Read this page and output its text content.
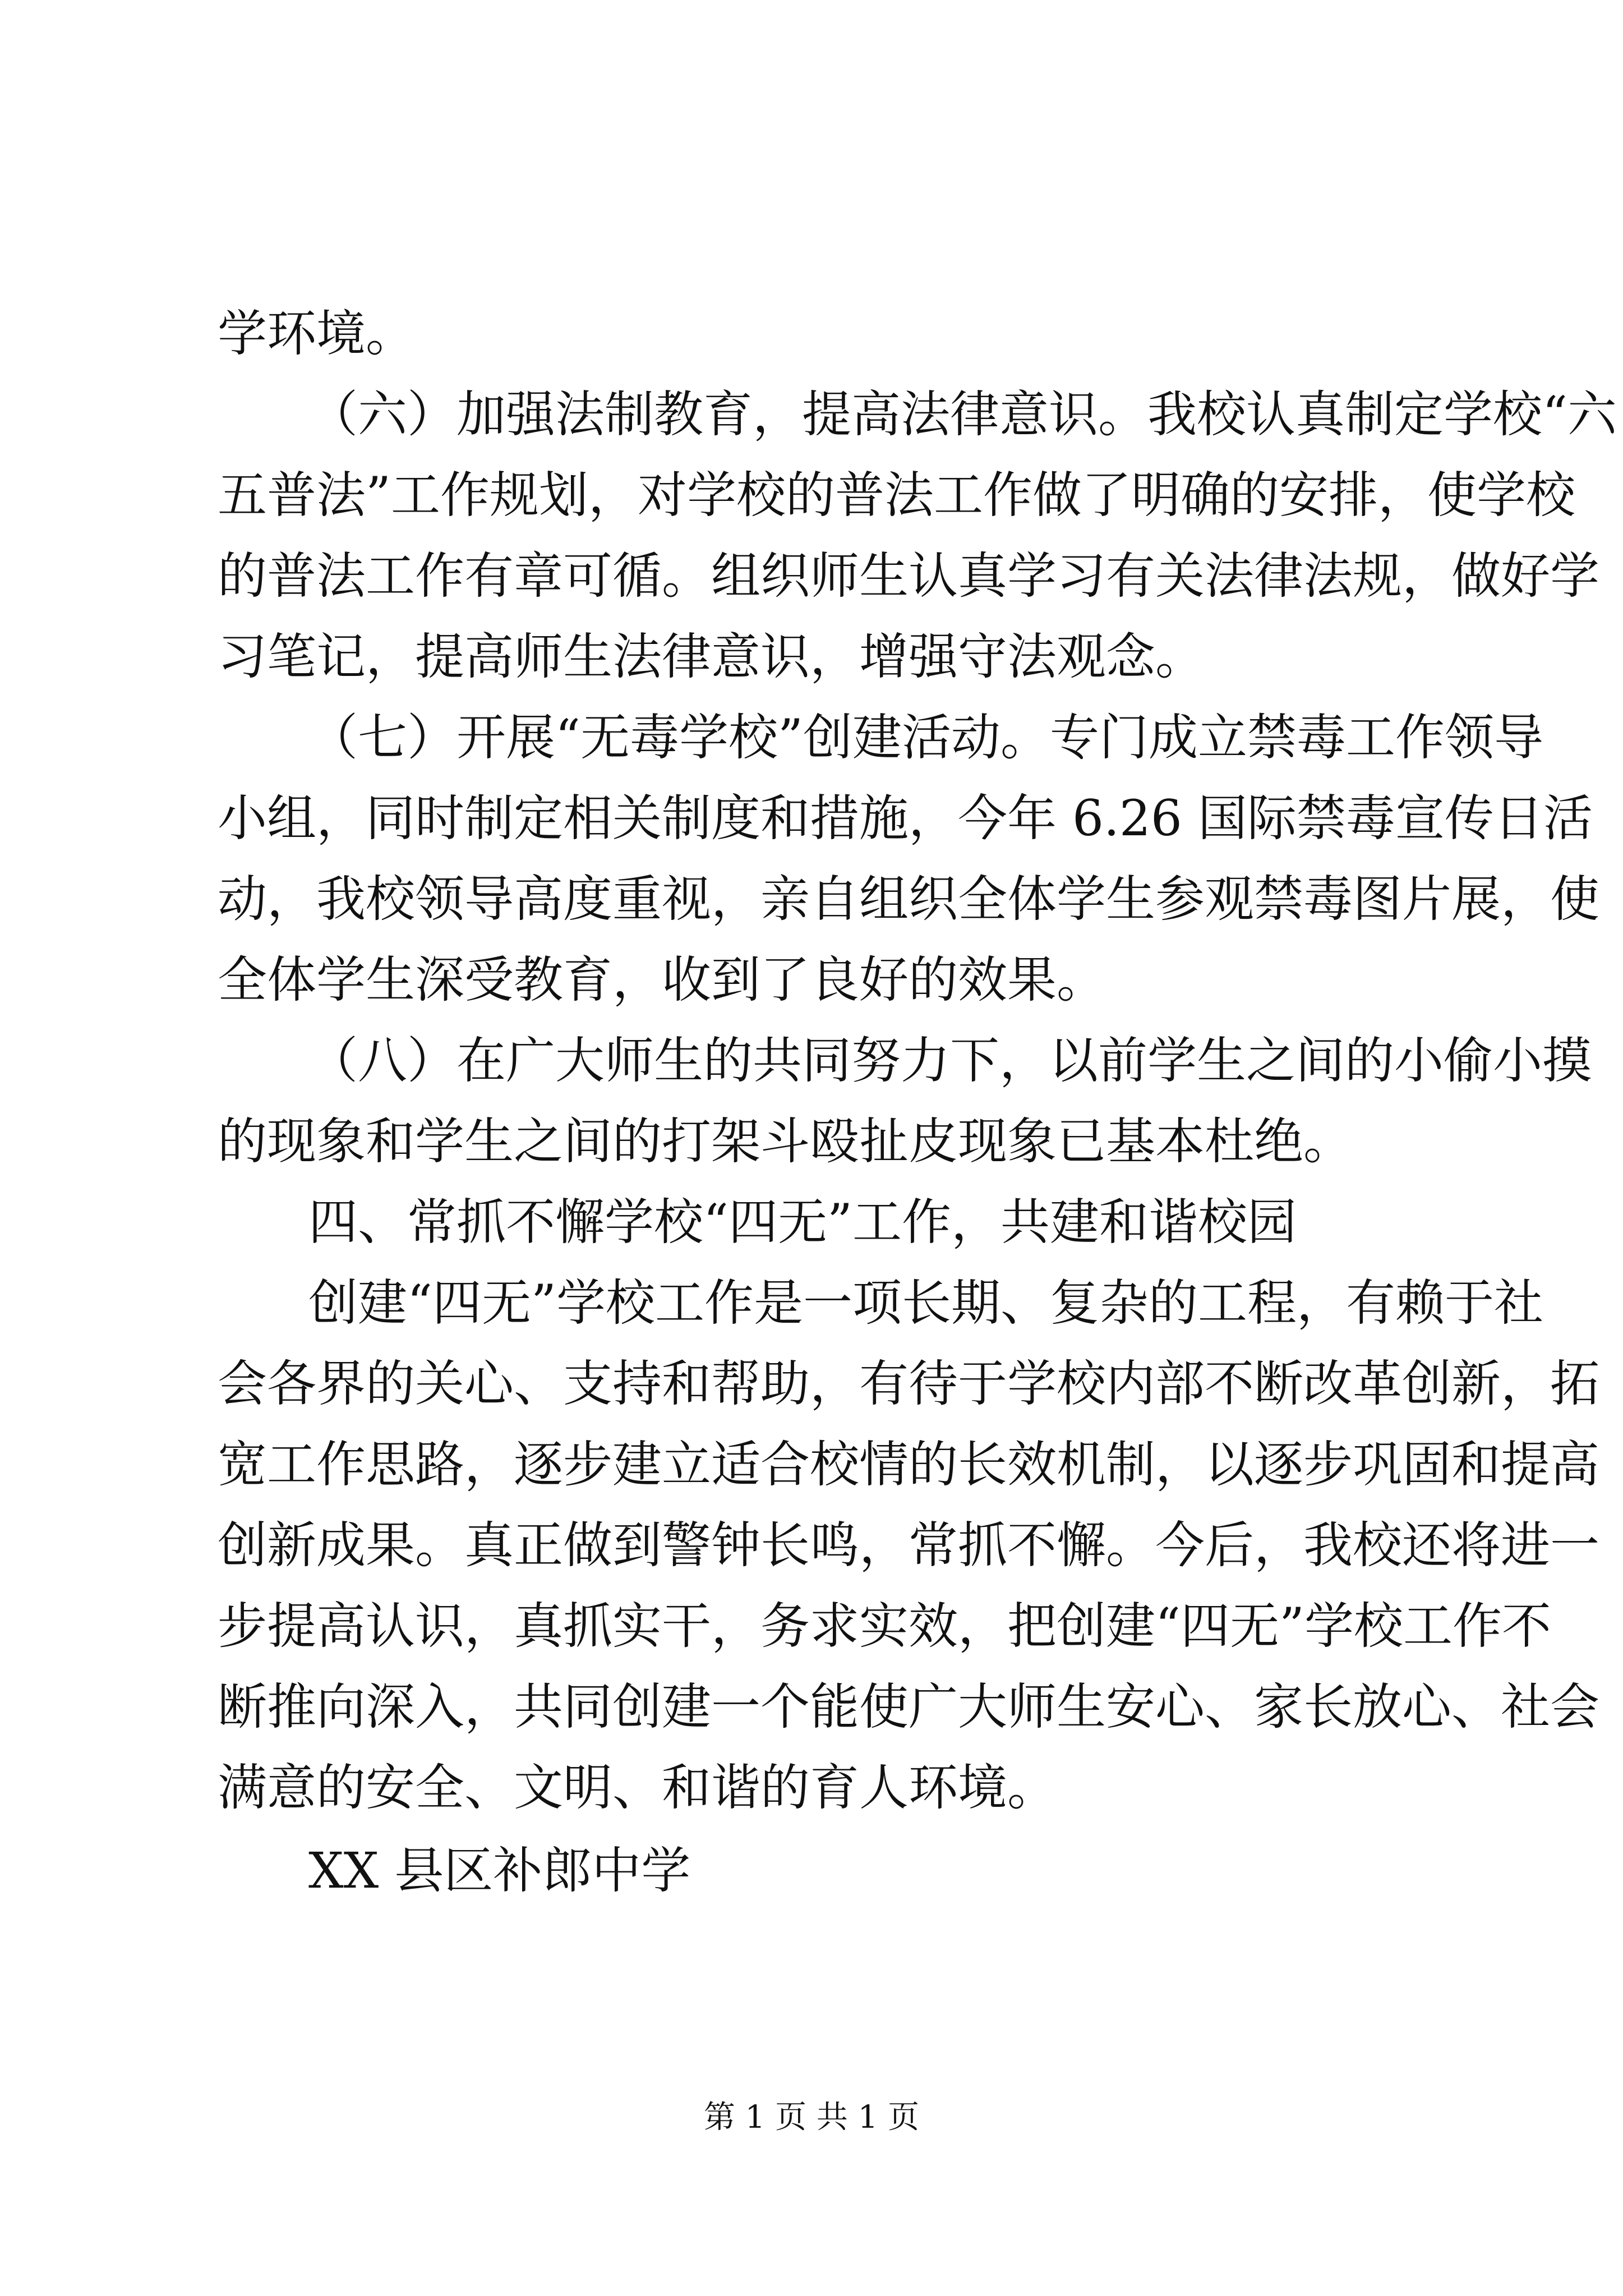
学环境。
（六）加强法制教育，提高法律意识。我校认真制定学校“六
五普法”工作规划，对学校的普法工作做了明确的安排，使学校
的普法工作有章可循。组织师生认真学习有关法律法规，做好学
习笔记，提高师生法律意识，增强守法观念。
（七）开展“无毒学校”创建活动。专门成立禁毒工作领导
小组，同时制定相关制度和措施，今年 6.26 国际禁毒宣传日活
动，我校领导高度重视，亲自组织全体学生参观禁毒图片展，使
全体学生深受教育，收到了良好的效果。
（八）在广大师生的共同努力下，以前学生之间的小偷小摸
的现象和学生之间的打架斗殴扯皮现象已基本杜绝。
四、常抓不懈学校“四无”工作，共建和谐校园
创建“四无”学校工作是一项长期、复杂的工程，有赖于社
会各界的关心、支持和帮助，有待于学校内部不断改革创新，拓
宽工作思路，逐步建立适合校情的长效机制，以逐步巩固和提高
创新成果。真正做到警钟长鸣，常抓不懈。今后，我校还将进一
步提高认识，真抓实干，务求实效，把创建“四无”学校工作不
断推向深入，共同创建一个能使广大师生安心、家长放心、社会
满意的安全、文明、和谐的育人环境。
XX 县区补郎中学
第 1 页 共 1 页
